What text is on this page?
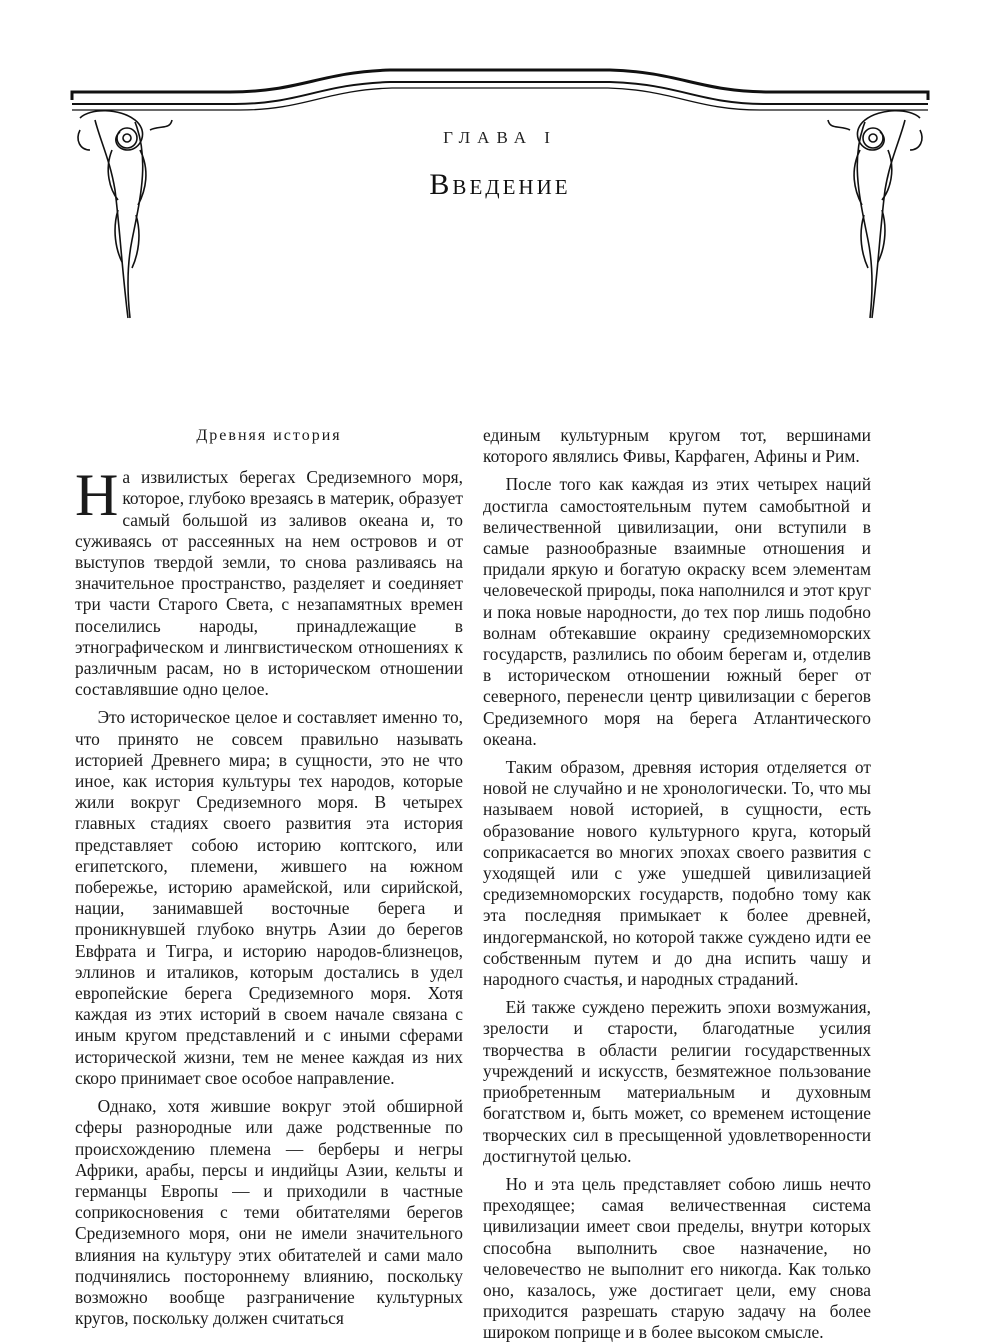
ГЛАВА I
Введение
Древняя история

На извилистых берегах Средиземного моря, которое, глубоко врезаясь в материк, образует самый большой из заливов океана и, то суживаясь от рассеянных на нем островов и от выступов твердой земли, то снова разливаясь на значительное пространство, разделяет и соединяет три части Старого Света, с незапамятных времен поселились народы, принадлежащие в этнографическом и лингвистическом отношениях к различным расам, но в историческом отношении составлявшие одно целое.

Это историческое целое и составляет именно то, что принято не совсем правильно называть историей Древнего мира; в сущности, это не что иное, как история культуры тех народов, которые жили вокруг Средиземного моря. В четырех главных стадиях своего развития эта история представляет собою историю коптского, или египетского, племени, жившего на южном побережье, историю арамейской, или сирийской, нации, занимавшей восточные берега и проникнувшей глубоко внутрь Азии до берегов Евфрата и Тигра, и историю народов-близнецов, эллинов и италиков, которым достались в удел европейские берега Средиземного моря. Хотя каждая из этих историй в своем начале связана с иным кругом представлений и с иными сферами исторической жизни, тем не менее каждая из них скоро принимает свое особое направление.

Однако, хотя жившие вокруг этой обширной сферы разнородные или даже родственные по происхождению племена — берберы и негры Африки, арабы, персы и индийцы Азии, кельты и германцы Европы — и приходили в частные соприкосновения с теми обитателями берегов Средиземного моря, они не имели значительного влияния на культуру этих обитателей и сами мало подчинялись постороннему влиянию, поскольку возможно вообще разграничение культурных кругов, поскольку должен считаться

единым культурным кругом тот, вершинами которого являлись Фивы, Карфаген, Афины и Рим.

После того как каждая из этих четырех наций достигла самостоятельным путем самобытной и величественной цивилизации, они вступили в самые разнообразные взаимные отношения и придали яркую и богатую окраску всем элементам человеческой природы, пока наполнился и этот круг и пока новые народности, до тех пор лишь подобно волнам обтекавшие окраину средиземноморских государств, разлились по обоим берегам и, отделив в историческом отношении южный берег от северного, перенесли центр цивилизации с берегов Средиземного моря на берега Атлантического океана.

Таким образом, древняя история отделяется от новой не случайно и не хронологически. То, что мы называем новой историей, в сущности, есть образование нового культурного круга, который соприкасается во многих эпохах своего развития с уходящей или с уже ушедшей цивилизацией средиземноморских государств, подобно тому как эта последняя примыкает к более древней, индогерманской, но которой также суждено идти ее собственным путем и до дна испить чашу и народного счастья, и народных страданий.

Ей также суждено пережить эпохи возмужания, зрелости и старости, благодатные усилия творчества в области религии государственных учреждений и искусств, безмятежное пользование приобретенным материальным и духовным богатством и, быть может, со временем истощение творческих сил в пресыщенной удовлетворенности достигнутой целью.

Но и эта цель представляет собою лишь нечто преходящее; самая величественная система цивилизации имеет свои пределы, внутри которых способна выполнить свое назначение, но человечество не выполнит его никогда. Как только оно, казалось, уже достигает цели, ему снова приходится разрешать старую задачу на более широком поприще и в более высоком смысле.
